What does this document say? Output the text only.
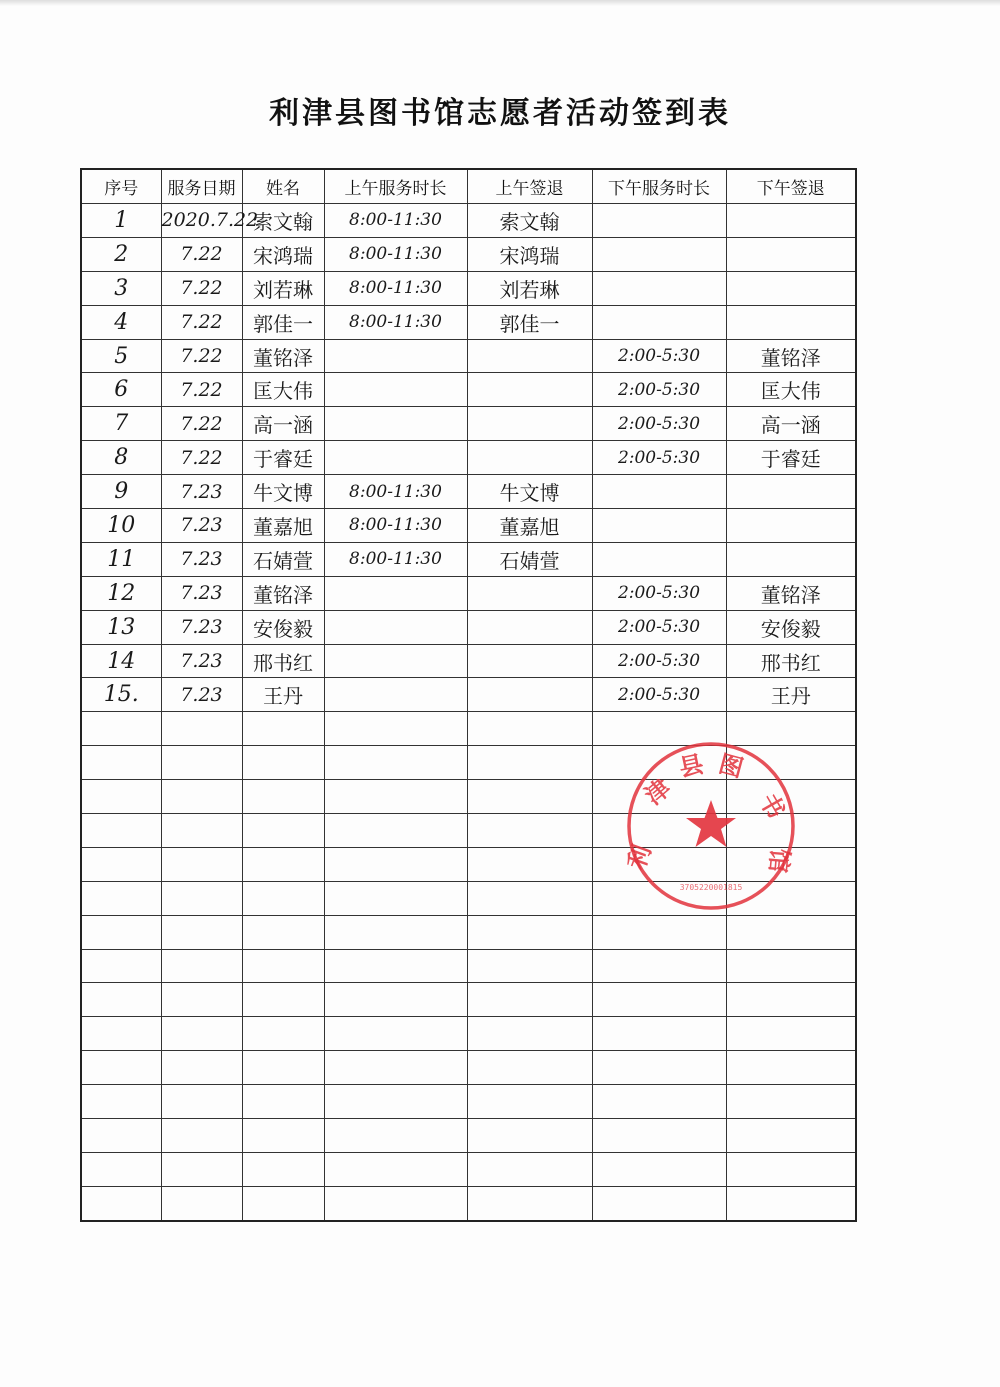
利津县图书馆志愿者活动签到表
序号	服务日期	姓名	上午服务时长	上午签退	下午服务时长	下午签退
1	2020.7.22	索文翰	8:00-11:30	索文翰		
2	7.22	宋鸿瑞	8:00-11:30	宋鸿瑞		
3	7.22	刘若琳	8:00-11:30	刘若琳		
4	7.22	郭佳一	8:00-11:30	郭佳一		
5	7.22	董铭泽			2:00-5:30	董铭泽
6	7.22	匡大伟			2:00-5:30	匡大伟
7	7.22	高一涵			2:00-5:30	高一涵
8	7.22	于睿廷			2:00-5:30	于睿廷
9	7.23	牛文博	8:00-11:30	牛文博		
10	7.23	董嘉旭	8:00-11:30	董嘉旭		
11	7.23	石婧萱	8:00-11:30	石婧萱		
12	7.23	董铭泽			2:00-5:30	董铭泽
13	7.23	安俊毅			2:00-5:30	安俊毅
14	7.23	邢书红			2:00-5:30	邢书红
15.	7.23	王丹			2:00-5:30	王丹

利
津
县 图
书
馆
3705220001815
